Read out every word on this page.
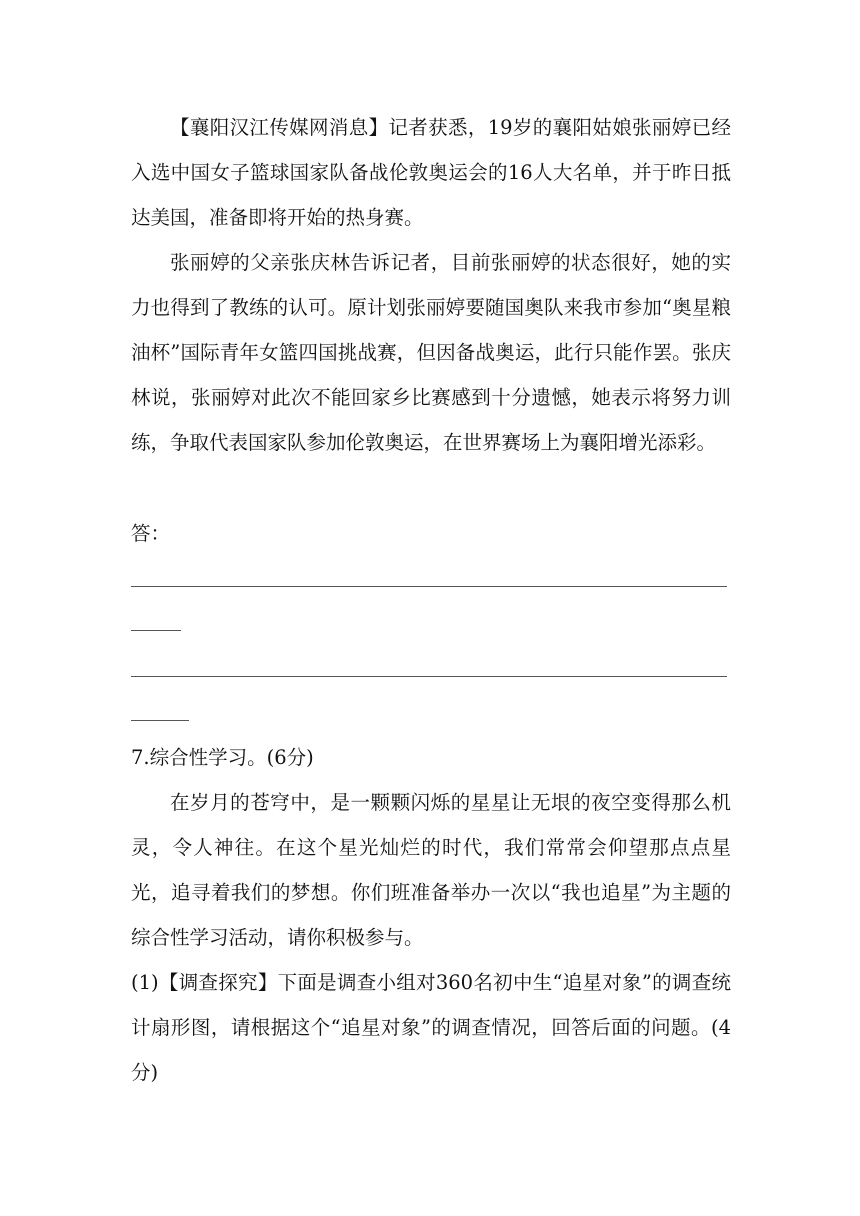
【襄阳汉江传媒网消息】记者获悉，19岁的襄阳姑娘张丽婷已经入选中国女子篮球国家队备战伦敦奥运会的16人大名单，并于昨日抵达美国，准备即将开始的热身赛。

张丽婷的父亲张庆林告诉记者，目前张丽婷的状态很好，她的实力也得到了教练的认可。原计划张丽婷要随国奥队来我市参加“奥星粮油杯”国际青年女篮四国挑战赛，但因备战奥运，此行只能作罢。张庆林说，张丽婷对此次不能回家乡比赛感到十分遗憾，她表示将努力训练，争取代表国家队参加伦敦奥运，在世界赛场上为襄阳增光添彩。

答：

7.综合性学习。(6分)

在岁月的苍穹中，是一颗颗闪烁的星星让无垠的夜空变得那么机灵，令人神往。在这个星光灿烂的时代，我们常常会仰望那点点星光，追寻着我们的梦想。你们班准备举办一次以“我也追星”为主题的综合性学习活动，请你积极参与。

(1)【调查探究】下面是调查小组对360名初中生“追星对象”的调查统计扇形图，请根据这个“追星对象”的调查情况，回答后面的问题。(4分)
